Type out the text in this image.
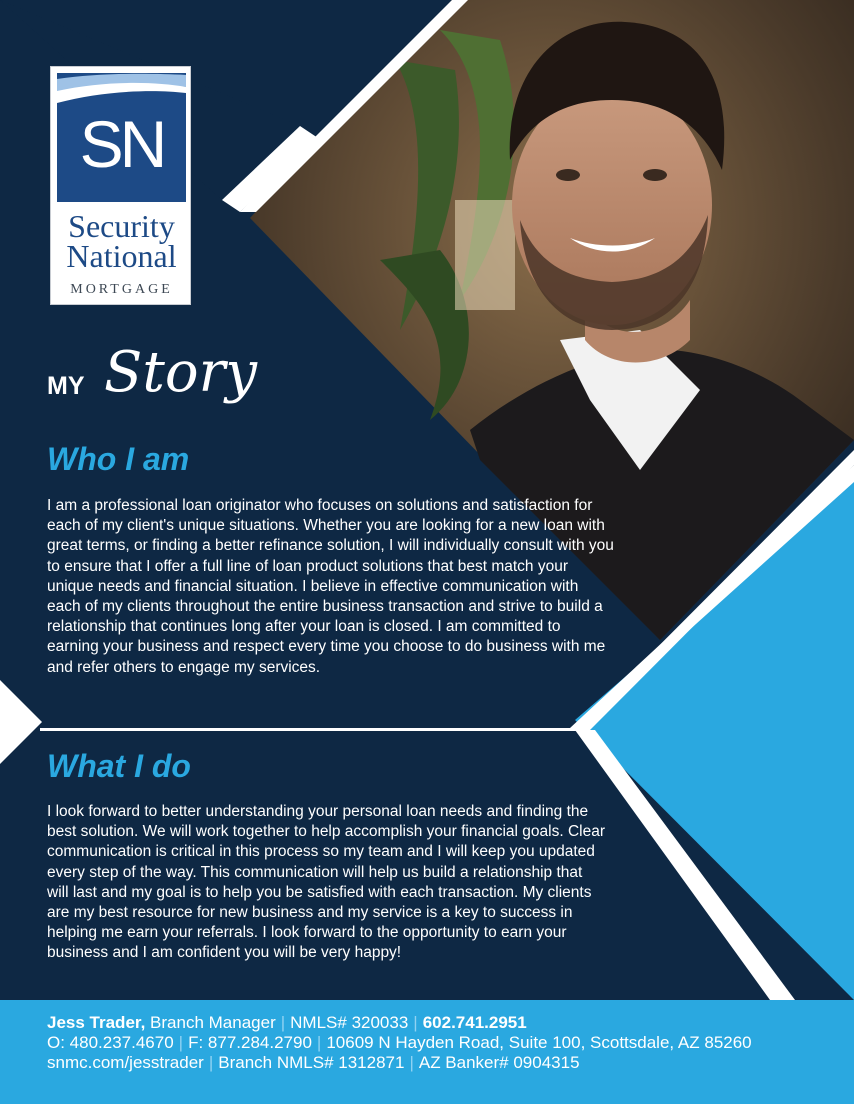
SN
Security
National
MORTGAGE
MY Story
Who I am

I am a professional loan originator who focuses on solutions and satisfaction for each of my client's unique situations. Whether you are looking for a new loan with great terms, or finding a better refinance solution, I will individually consult with you to ensure that I offer a full line of loan product solutions that best match your unique needs and financial situation. I believe in effective communication with each of my clients throughout the entire business transaction and strive to build a relationship that continues long after your loan is closed. I am committed to earning your business and respect every time you choose to do business with me and refer others to engage my services.

What I do

I look forward to better understanding your personal loan needs and finding the best solution. We will work together to help accomplish your financial goals. Clear communication is critical in this process so my team and I will keep you updated every step of the way. This communication will help us build a relationship that will last and my goal is to help you be satisfied with each transaction. My clients are my best resource for new business and my service is a key to success in helping me earn your referrals. I look forward to the opportunity to earn your business and I am confident you will be very happy!

Jess Trader, Branch Manager | NMLS# 320033 | 602.741.2951
O: 480.237.4670 | F: 877.284.2790 | 10609 N Hayden Road, Suite 100, Scottsdale, AZ 85260
snmc.com/jesstrader | Branch NMLS# 1312871 | AZ Banker# 0904315
